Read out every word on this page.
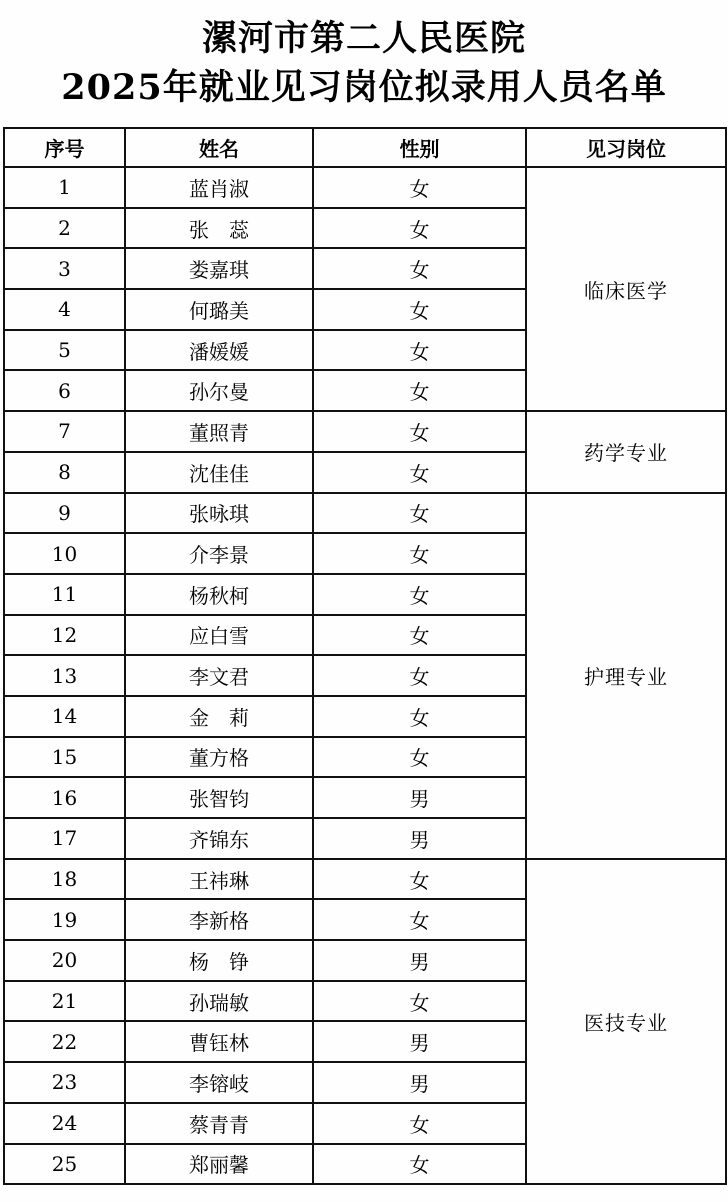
漯河市第二人民医院
2025年就业见习岗位拟录用人员名单
序号	姓名	性别	见习岗位
1	蓝肖淑	女	临床医学
2	张　蕊	女	
3	娄嘉琪	女	
4	何璐美	女	
5	潘媛媛	女	
6	孙尔曼	女	
7	董照青	女	药学专业
8	沈佳佳	女	
9	张咏琪	女	护理专业
10	介李景	女	
11	杨秋柯	女	
12	应白雪	女	
13	李文君	女	
14	金　莉	女	
15	董方格	女	
16	张智钧	男	
17	齐锦东	男	
18	王祎琳	女	医技专业
19	李新格	女	
20	杨　铮	男	
21	孙瑞敏	女	
22	曹钰林	男	
23	李镕岐	男	
24	蔡青青	女	
25	郑丽馨	女	
